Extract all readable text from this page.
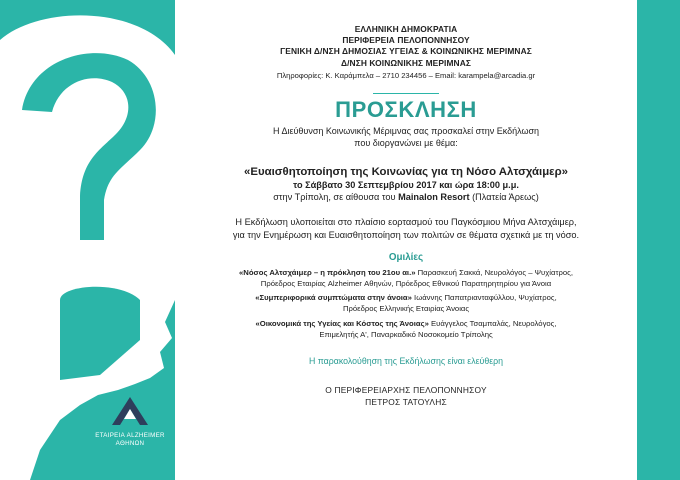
ΕΤΑΙΡΕΙΑ ALZHEIMER
ΑΘΗΝΩΝ
ΕΛΛΗΝΙΚΗ ΔΗΜΟΚΡΑΤΙΑ
ΠΕΡΙΦΕΡΕΙΑ ΠΕΛΟΠΟΝΝΗΣΟΥ
ΓΕΝΙΚΗ Δ/ΝΣΗ ΔΗΜΟΣΙΑΣ ΥΓΕΙΑΣ & ΚΟΙΝΩΝΙΚΗΣ ΜΕΡΙΜΝΑΣ
Δ/ΝΣΗ ΚΟΙΝΩΝΙΚΗΣ ΜΕΡΙΜΝΑΣ
Πληροφορίες: Κ. Καράμπελα – 2710 234456 – Email: karampela@arcadia.gr
ΠΡΟΣΚΛΗΣΗ
Η Διεύθυνση Κοινωνικής Μέριμνας σας προσκαλεί στην Εκδήλωση
που διοργανώνει με θέμα:
«Ευαισθητοποίηση της Κοινωνίας για τη Νόσο Αλτσχάιμερ»
το Σάββατο 30 Σεπτεμβρίου 2017 και ώρα 18:00 μ.μ.
στην Τρίπολη, σε αίθουσα του Mainalon Resort (Πλατεία Άρεως)
Η Εκδήλωση υλοποιείται στο πλαίσιο εορτασμού του Παγκόσμιου Μήνα Αλτσχάιμερ,
για την Ενημέρωση και Ευαισθητοποίηση των πολιτών σε θέματα σχετικά με τη νόσο.
Ομιλίες
«Νόσος Αλτσχάιμερ – η πρόκληση του 21ου αι.» Παρασκευή Σακκά, Νευρολόγος – Ψυχίατρος,
Πρόεδρος Εταιρίας Alzheimer Αθηνών, Πρόεδρος Εθνικού Παρατηρητηρίου για Άνοια
«Συμπεριφορικά συμπτώματα στην άνοια» Ιωάννης Παπατριανταφύλλου, Ψυχίατρος,
Πρόεδρος Ελληνικής Εταιρίας Άνοιας
«Οικονομικά της Υγείας και Κόστος της Άνοιας» Ευάγγελος Τσαμπαλάς, Νευρολόγος,
Επιμελητής Α', Παναρκαδικό Νοσοκομείο Τρίπολης
Η παρακολούθηση της Εκδήλωσης είναι ελεύθερη
Ο ΠΕΡΙΦΕΡΕΙΑΡΧΗΣ ΠΕΛΟΠΟΝΝΗΣΟΥ
ΠΕΤΡΟΣ ΤΑΤΟΥΛΗΣ
